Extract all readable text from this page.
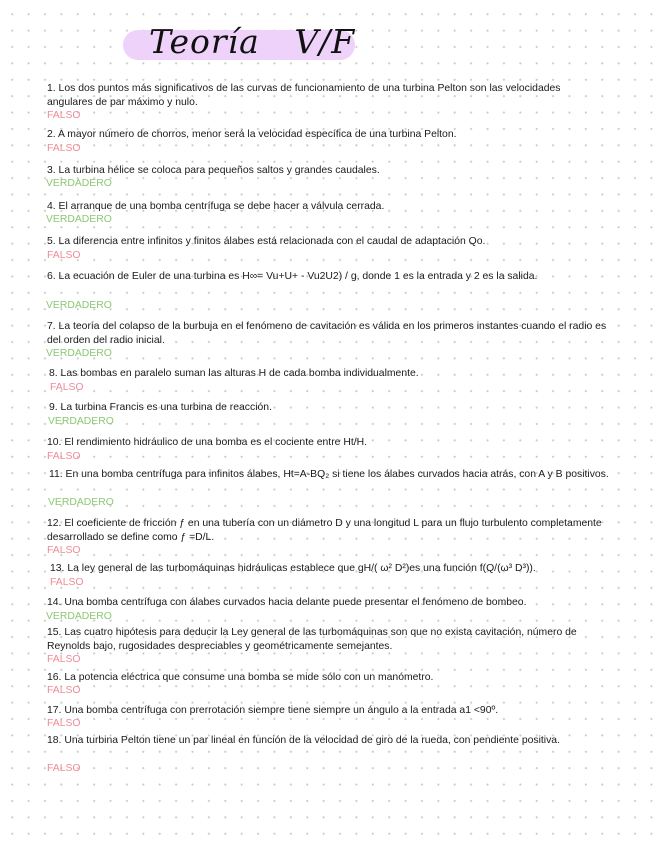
Teoría   V/F
1. Los dos puntos más significativos de las curvas de funcionamiento de una turbina Pelton son las velocidades angulares de par máximo y nulo.
FALSO
2. A mayor número de chorros, menor será la velocidad específica de una turbina Pelton.
FALSO
3. La turbina hélice se coloca para pequeños saltos y grandes caudales.
VERDADERO
4. El arranque de una bomba centrífuga se debe hacer a válvula cerrada.
VERDADERO
5. La diferencia entre infinitos y finitos álabes está relacionada con el caudal de adaptación Qo.
FALSO
6. La ecuación de Euler de una turbina es H∞= Vu+U+ - Vu2U2) / g, donde 1 es la entrada y 2 es la salida.
VERDADERO
7. La teoría del colapso de la burbuja en el fenómeno de cavitación es válida en los primeros instantes cuando el radio es del orden del radio inicial.
VERDADERO
8. Las bombas en paralelo suman las alturas H de cada bomba individualmente.
FALSO
9. La turbina Francis es una turbina de reacción.
VERDADERO
10. El rendimiento hidráulico de una bomba es el cociente entre Ht/H.
FALSO
11. En una bomba centrífuga para infinitos álabes, Ht=A-BQ₂ si tiene los álabes curvados hacia atrás, con A y B positivos.
VERDADERO
12. El coeficiente de fricción ƒ en una tubería con un diámetro D y una longitud L para un flujo turbulento completamente desarrollado se define como ƒ =D/L.
FALSO
13. La ley general de las turbomáquinas hidráulicas establece que gH/( ω² D²)es una función f(Q/(ω³ D³)).
FALSO
14. Una bomba centrífuga con álabes curvados hacia delante puede presentar el fenómeno de bombeo.
VERDADERO
15. Las cuatro hipótesis para deducir la Ley general de las turbomáquinas son que no exista cavitación, número de Reynolds bajo, rugosidades despreciables y geométricamente semejantes.
FALSO
16. La potencia eléctrica que consume una bomba se mide sólo con un manómetro.
FALSO
17. Una bomba centrífuga con prerrotación siempre tiene siempre un ángulo a la entrada a1 <90º.
FALSO
18. Una turbina Pelton tiene un par lineal en función de la velocidad de giro de la rueda, con pendiente positiva.
FALSO
